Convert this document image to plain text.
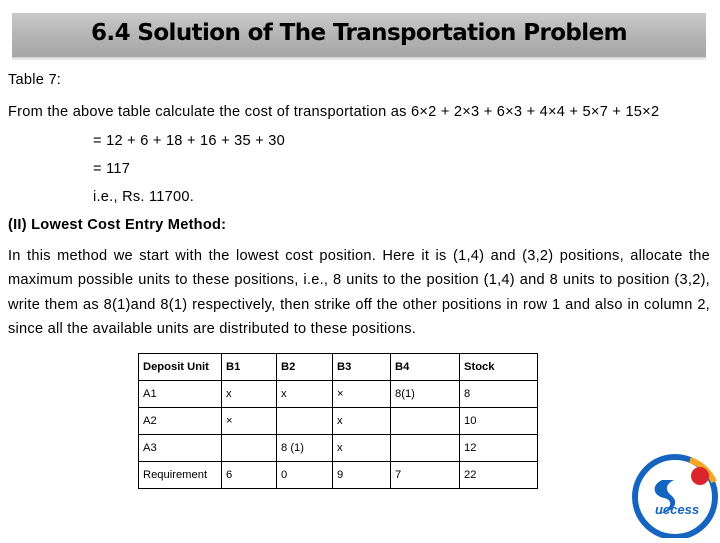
6.4 Solution of The Transportation Problem
Table 7:
From the above table calculate the cost of transportation as 6×2 + 2×3 + 6×3 + 4×4 + 5×7 + 15×2
= 12 + 6 + 18 + 16 + 35 + 30
= 117
i.e., Rs. 11700.
(II) Lowest Cost Entry Method:
In this method we start with the lowest cost position. Here it is (1,4) and (3,2) positions, allocate the maximum possible units to these positions, i.e., 8 units to the position (1,4) and 8 units to position (3,2), write them as 8(1)and 8(1) respectively, then strike off the other positions in row 1 and also in column 2, since all the available units are distributed to these positions.
Deposit Unit	B1	B2	B3	B4	Stock
A1	x	x	×	8(1)	8
A2	×		x		10
A3		8 (1)	x		12
Requirement	6	0	9	7	22
uccess
